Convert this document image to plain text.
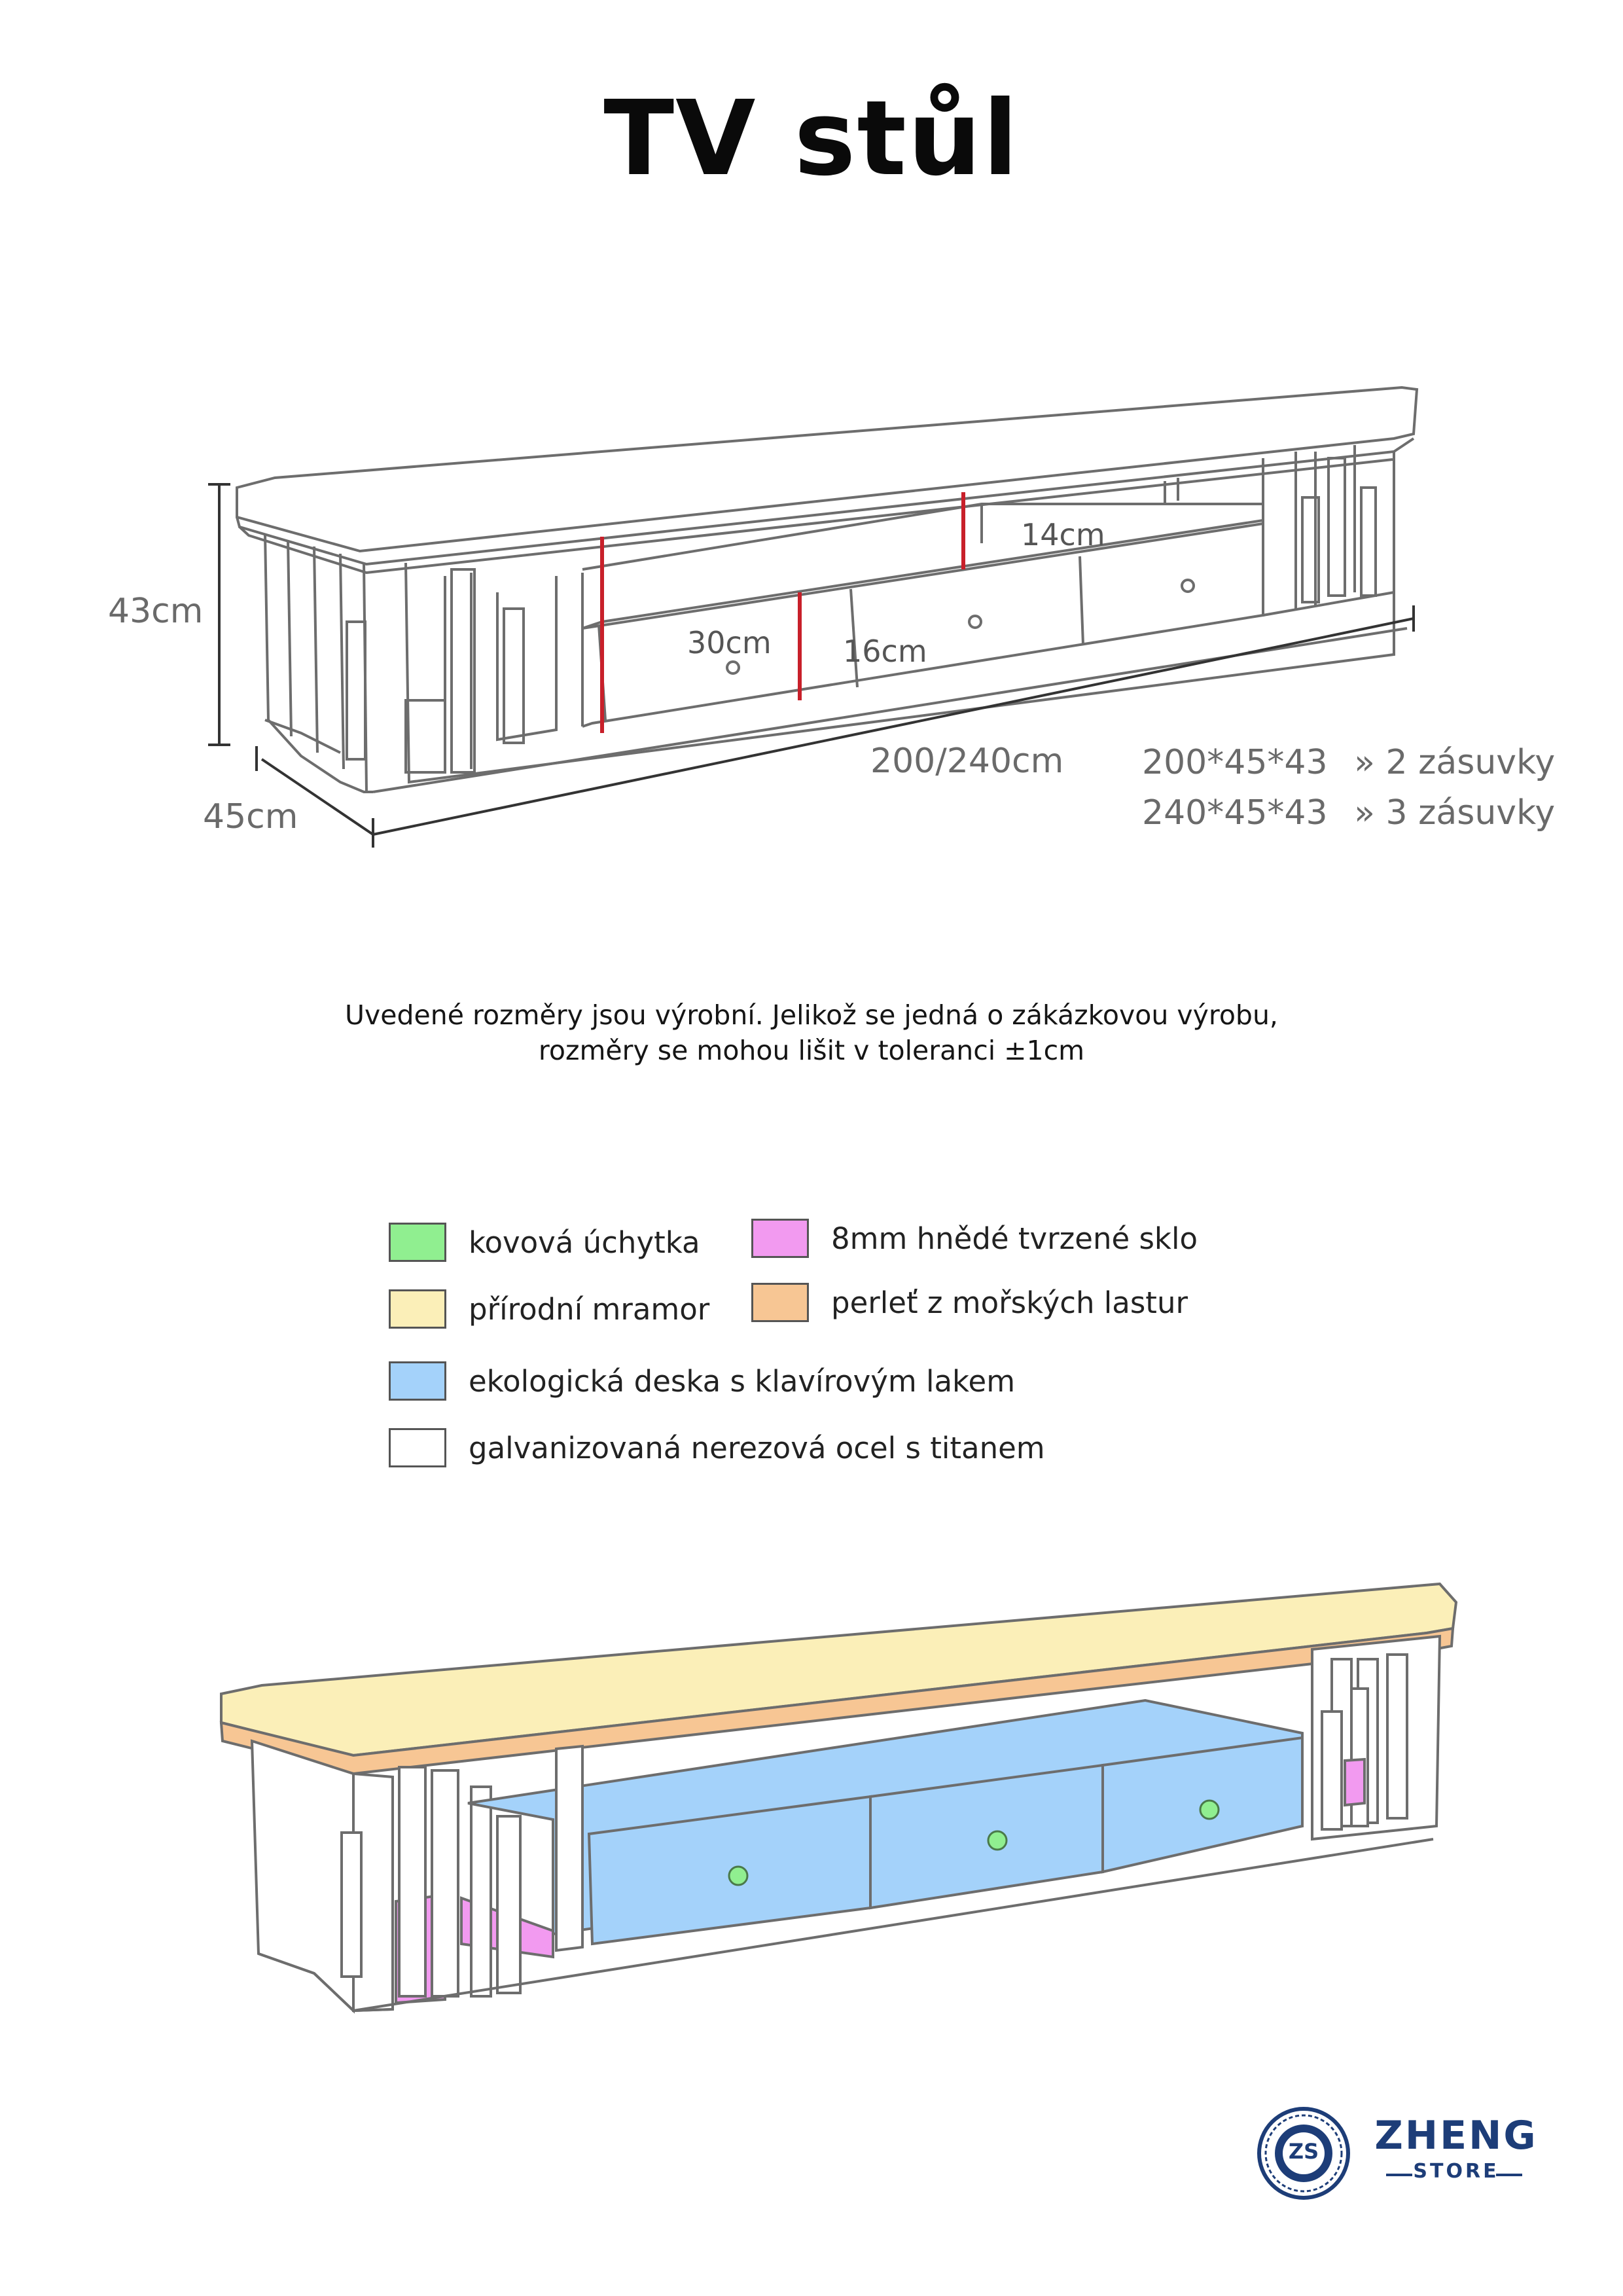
TV stůl
43cm
45cm
200/240cm
30cm 16cm
14cm
200*45*43 » 2 zásuvky
240*45*43 » 3 zásuvky
Uvedené rozměry jsou výrobní. Jelikož se jedná o zákázkovou výrobu,
rozměry se mohou lišit v toleranci ±1cm
kovová úchytka	8mm hnědé tvrzené sklo
přírodní mramor	perleť z mořských lastur
ekologická deska s klavírovým lakem
galvanizovaná nerezová ocel s titanem
ZS ZHENG
STORE
